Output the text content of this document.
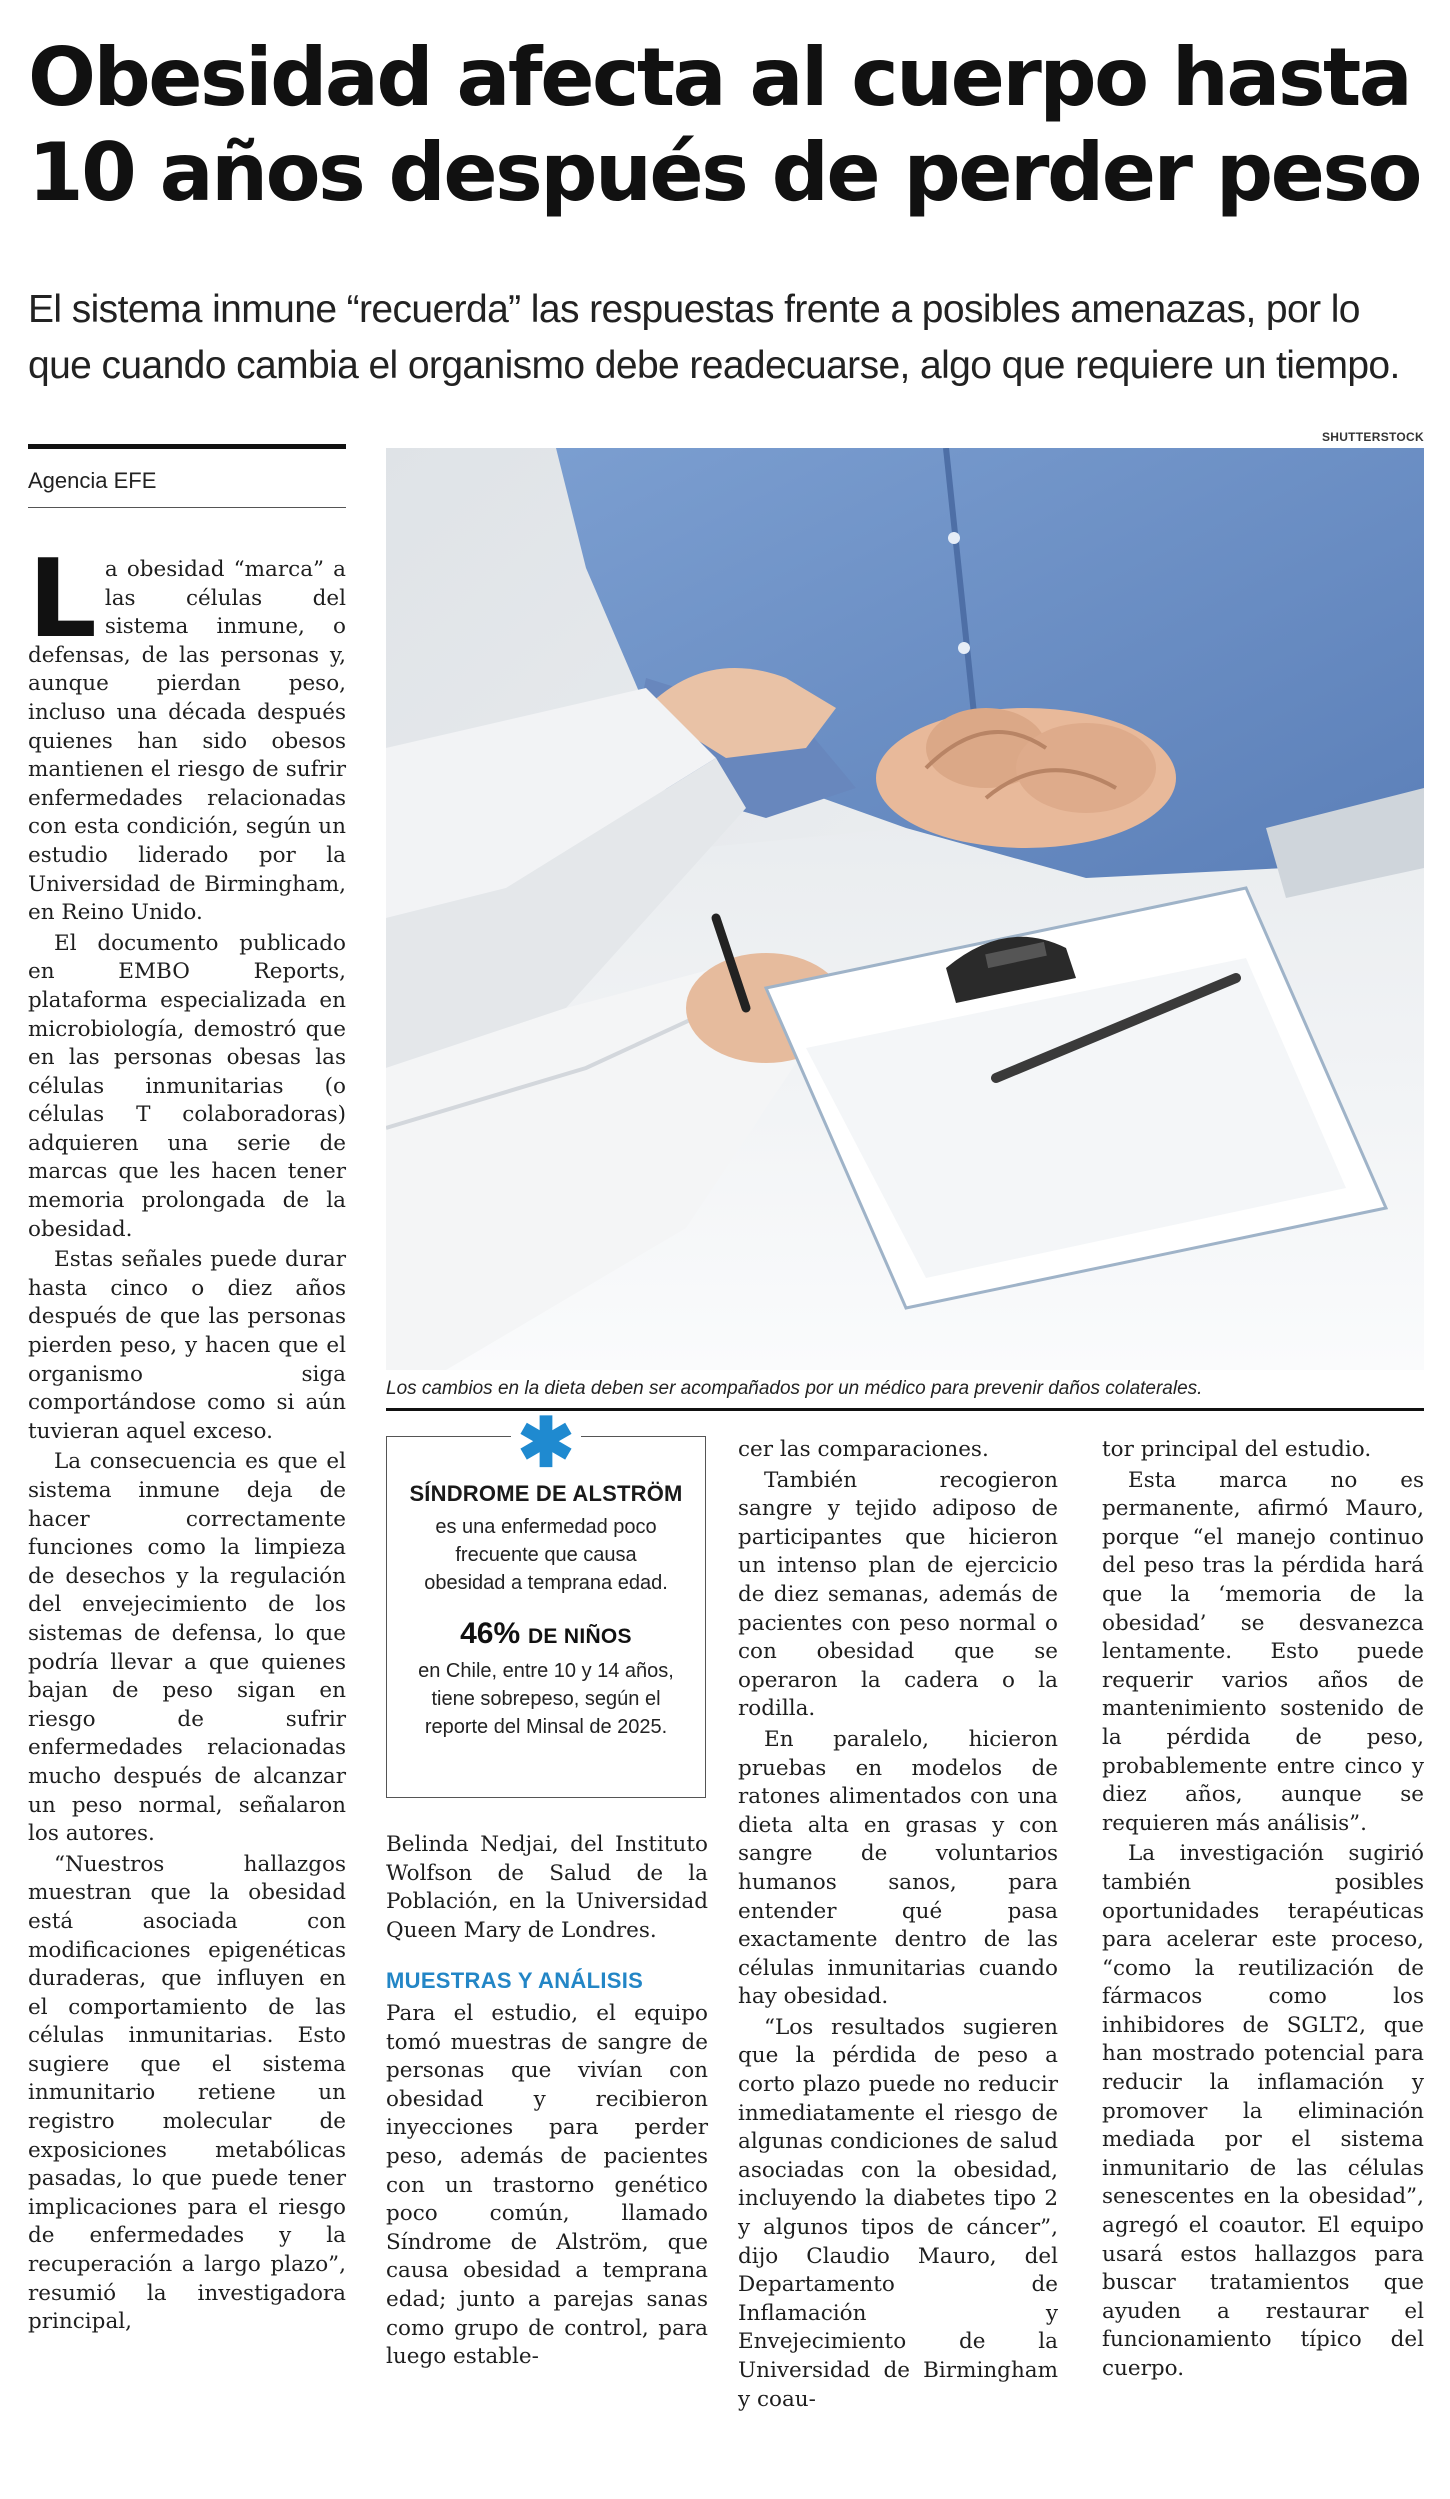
Obesidad afecta al cuerpo hasta 10 años después de perder peso

El sistema inmune “recuerda” las respuestas frente a posibles amenazas, por lo que cuando cambia el organismo debe readecuarse, algo que requiere un tiempo.

SHUTTERSTOCK
Agencia EFE
Los cambios en la dieta deben ser acompañados por un médico para prevenir daños colaterales.
✱
SÍNDROME DE ALSTRÖM
es una enfermedad poco frecuente que causa obesidad a temprana edad.
46% DE NIÑOS
en Chile, entre 10 y 14 años, tiene sobrepeso, según el reporte del Minsal de 2025.

La obesidad “marca” a las células del sistema inmune, o defensas, de las personas y, aunque pierdan peso, incluso una década después quienes han sido obesos mantienen el riesgo de sufrir enfermedades relacionadas con esta condición, según un estudio liderado por la Universidad de Birmingham, en Reino Unido.

El documento publicado en EMBO Reports, plataforma especializada en microbiología, demostró que en las personas obesas las células inmunitarias (o células T colaboradoras) adquieren una serie de marcas que les hacen tener memoria prolongada de la obesidad.

Estas señales puede durar hasta cinco o diez años después de que las personas pierden peso, y hacen que el organismo siga comportándose como si aún tuvieran aquel exceso.

La consecuencia es que el sistema inmune deja de hacer correctamente funciones como la limpieza de desechos y la regulación del envejecimiento de los sistemas de defensa, lo que podría llevar a que quienes bajan de peso sigan en riesgo de sufrir enfermedades relacionadas mucho después de alcanzar un peso normal, señalaron los autores.

“Nuestros hallazgos muestran que la obesidad está asociada con modificaciones epigenéticas duraderas, que influyen en el comportamiento de las células inmunitarias. Esto sugiere que el sistema inmunitario retiene un registro molecular de exposiciones metabólicas pasadas, lo que puede tener implicaciones para el riesgo de enfermedades y la recuperación a largo plazo”, resumió la investigadora principal,

Belinda Nedjai, del Instituto Wolfson de Salud de la Población, en la Universidad Queen Mary de Londres.

MUESTRAS Y ANÁLISIS

Para el estudio, el equipo tomó muestras de sangre de personas que vivían con obesidad y recibieron inyecciones para perder peso, además de pacientes con un trastorno genético poco común, llamado Síndrome de Alström, que causa obesidad a temprana edad; junto a parejas sanas como grupo de control, para luego estable-

cer las comparaciones.

También recogieron sangre y tejido adiposo de participantes que hicieron un intenso plan de ejercicio de diez semanas, además de pacientes con peso normal o con obesidad que se operaron la cadera o la rodilla.

En paralelo, hicieron pruebas en modelos de ratones alimentados con una dieta alta en grasas y con sangre de voluntarios humanos sanos, para entender qué pasa exactamente dentro de las células inmunitarias cuando hay obesidad.

“Los resultados sugieren que la pérdida de peso a corto plazo puede no reducir inmediatamente el riesgo de algunas condiciones de salud asociadas con la obesidad, incluyendo la diabetes tipo 2 y algunos tipos de cáncer”, dijo Claudio Mauro, del Departamento de Inflamación y Envejecimiento de la Universidad de Birmingham y coau-

tor principal del estudio.

Esta marca no es permanente, afirmó Mauro, porque “el manejo continuo del peso tras la pérdida hará que la ‘memoria de la obesidad’ se desvanezca lentamente. Esto puede requerir varios años de mantenimiento sostenido de la pérdida de peso, probablemente entre cinco y diez años, aunque se requieren más análisis”.

La investigación sugirió también posibles oportunidades terapéuticas para acelerar este proceso, “como la reutilización de fármacos como los inhibidores de SGLT2, que han mostrado potencial para reducir la inflamación y promover la eliminación mediada por el sistema inmunitario de las células senescentes en la obesidad”, agregó el coautor. El equipo usará estos hallazgos para buscar tratamientos que ayuden a restaurar el funcionamiento típico del cuerpo.
